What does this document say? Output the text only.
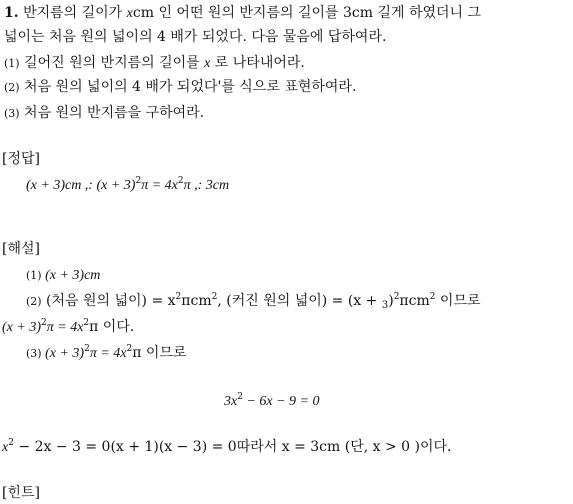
1. 반지름의 길이가 xcm 인 어떤 원의 반지름의 길이를 3cm 길게 하였더니 그
넓이는 처음 원의 넓이의 4 배가 되었다. 다음 물음에 답하여라.
(1) 길어진 원의 반지름의 길이를 x 로 나타내어라.
(2) 처음 원의 넓이의 4 배가 되었다'를 식으로 표현하여라.
(3) 처음 원의 반지름을 구하여라.
[정답]
(x + 3)cm ,: $(x + 3)^2\pi = 4x^2\pi$ ,: 3cm
[해설]
(1) (x + 3)cm
(2) (처음 원의 넓이) = $x^2\pi cm^2$, (커진 원의 넓이) = $(x + _3)^2\pi cm^2$ 이므로
$(x + 3)^2\pi = 4x^2\pi$ 이다.
(3) $(x + 3)^2\pi = 4x^2\pi$ 이므로
$3x^2 - 6x - 9 = 0$
$x^2 - 2x - 3 = 0(x + 1)(x - 3) = 0$따라서 x = 3cm (단, x > 0 )이다.
[힌트]
